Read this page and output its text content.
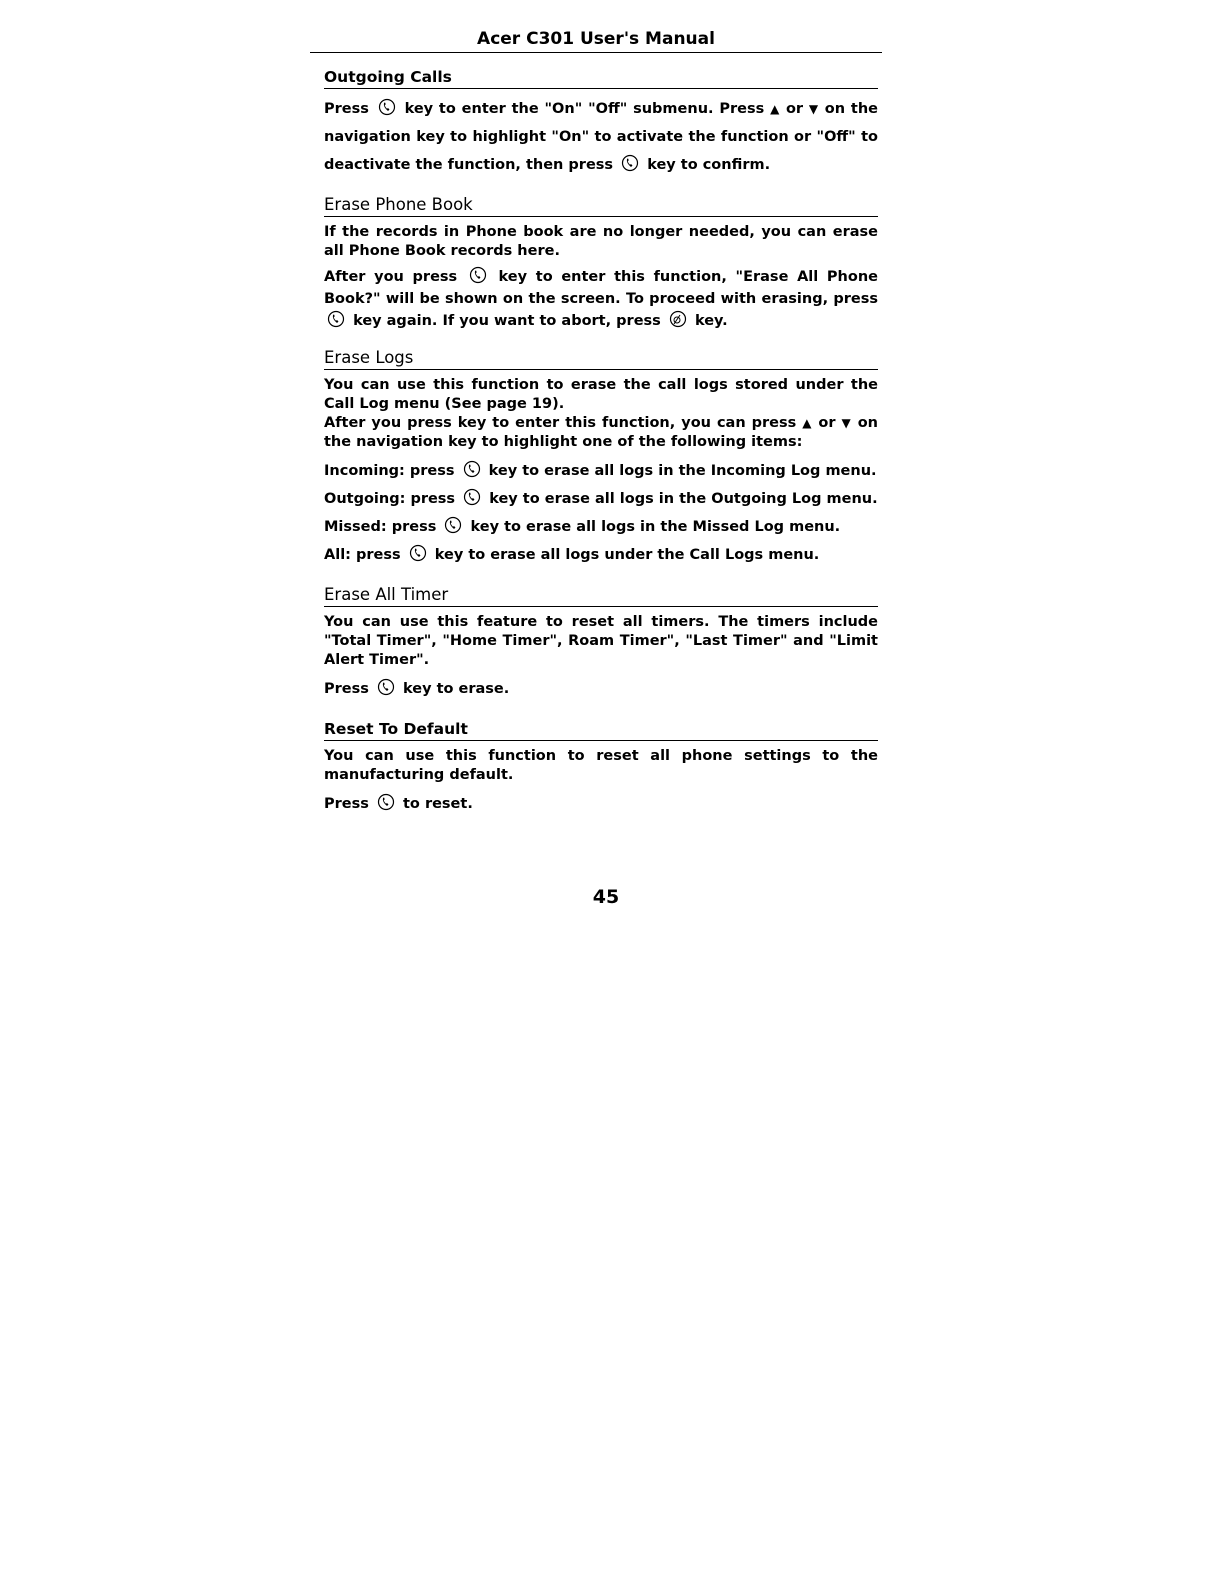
Acer C301 User's Manual
Outgoing Calls
Press key to enter the "On" "Off" submenu. Press ▲ or ▼ on the navigation key to highlight "On" to activate the function or "Off" to deactivate the function, then press key to confirm.
Erase Phone Book
If the records in Phone book are no longer needed, you can erase all Phone Book records here.
After you press	key to enter this function, "Erase All Phone Book?" will be shown on the screen. To proceed with erasing, press
key again. If you want to abort, press key.
Erase Logs
You can use this function to erase the call logs stored under the Call Log menu (See page 19).
After you press key to enter this function, you can press ▲ or ▼ on the navigation key to highlight one of the following items:
Incoming: press key to erase all logs in the Incoming Log menu.
Outgoing: press key to erase all logs in the Outgoing Log menu.
Missed: press key to erase all logs in the Missed Log menu.
All: press key to erase all logs under the Call Logs menu.
Erase All Timer
You can use this feature to reset all timers. The timers include "Total Timer", "Home Timer", Roam Timer", "Last Timer" and "Limit Alert Timer".
Press key to erase.
Reset To Default
You can use this function to reset all phone settings to the manufacturing default.
Press to reset.
45
